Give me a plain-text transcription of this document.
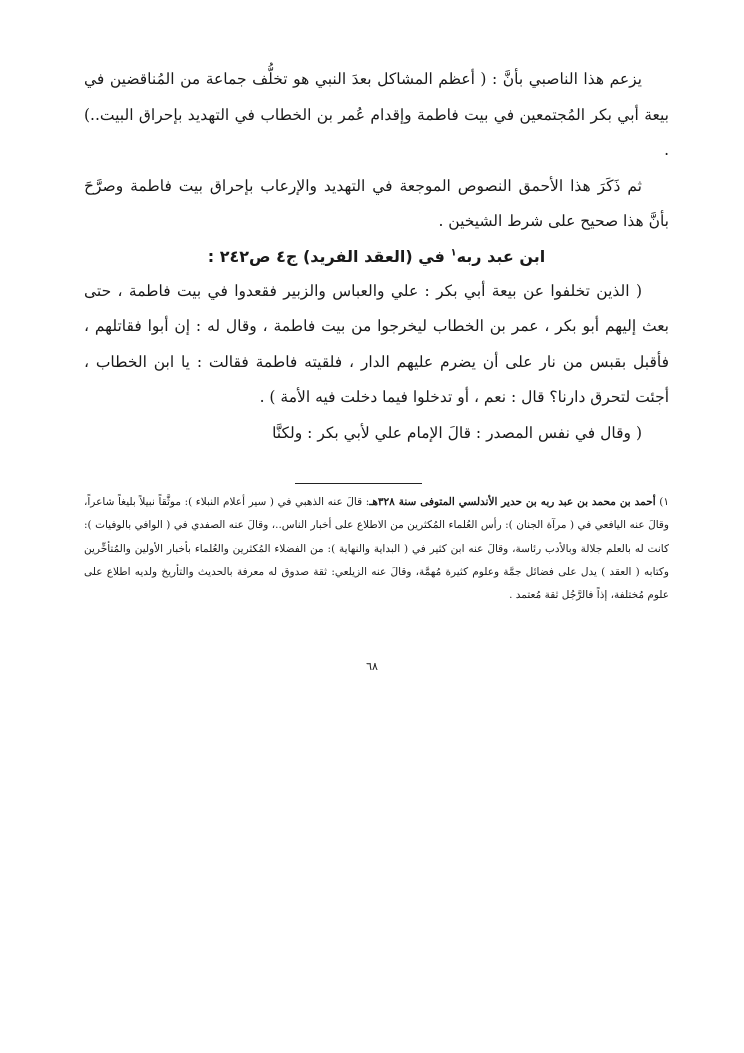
يزعم هذا الناصبي بأنَّ : ( أعظم المشاكل بعدَ النبي هو تخلُّف جماعة من المُناقضين في بيعة أبي بكر المُجتمعين في بيت فاطمة وإقدام عُمر بن الخطاب في التهديد بإحراق البيت..) .

ثم ذَكَرَ هذا الأحمق النصوص الموجعة في التهديد والإرعاب بإحراق بيت فاطمة وصرَّحَ بأنَّ هذا صحيح على شرط الشيخين .

ابن عبد ربه$^١$ في (العقد الفريد) ج٤ ص٢٤٢ :

( الذين تخلفوا عن بيعة أبي بكر : علي والعباس والزبير فقعدوا في بيت فاطمة ، حتى بعث إليهم أبو بكر ، عمر بن الخطاب ليخرجوا من بيت فاطمة ، وقال له : إن أبوا فقاتلهم ، فأقبل بقبس من نار على أن يضرم عليهم الدار ، فلقيته فاطمة فقالت : يا ابن الخطاب ، أجئت لتحرق دارنا؟ قال : نعم ، أو تدخلوا فيما دخلت فيه الأمة ) .

( وقال في نفس المصدر : قالَ الإمام علي لأبي بكر : ولكنَّا

١) أحمد بن محمد بن عبد ربه بن حدير الأندلسي المتوفى سنة ٣٢٨هـ: قالَ عنه الذهبي في ( سير أعلام النبلاء ): موثَّقاً نبيلاً بليغاً شاعراً، وقالَ عنه اليافعي في ( مرآة الجنان ): رأس العُلماء المُكثرين من الاطلاع على أخبار الناس..، وقالَ عنه الصفدي في ( الوافي بالوفيات ): كانت له بالعلم جلالة وبالأدب رئاسة، وقالَ عنه ابن كثير في ( البداية والنهاية ): من الفضلاء المُكثرين والعُلماء بأخبار الأولين والمُتأخِّرين وكتابه ( العقد ) يدل على فضائل جمَّة وعلوم كثيرة مُهمَّة، وقالَ عنه الزيلعي: ثقة صدوق له معرفة بالحديث والتأريخ ولديه اطلاع على علوم مُختلفة، إذاً فالرَّجُل ثقة مُعتمد .

٦٨
